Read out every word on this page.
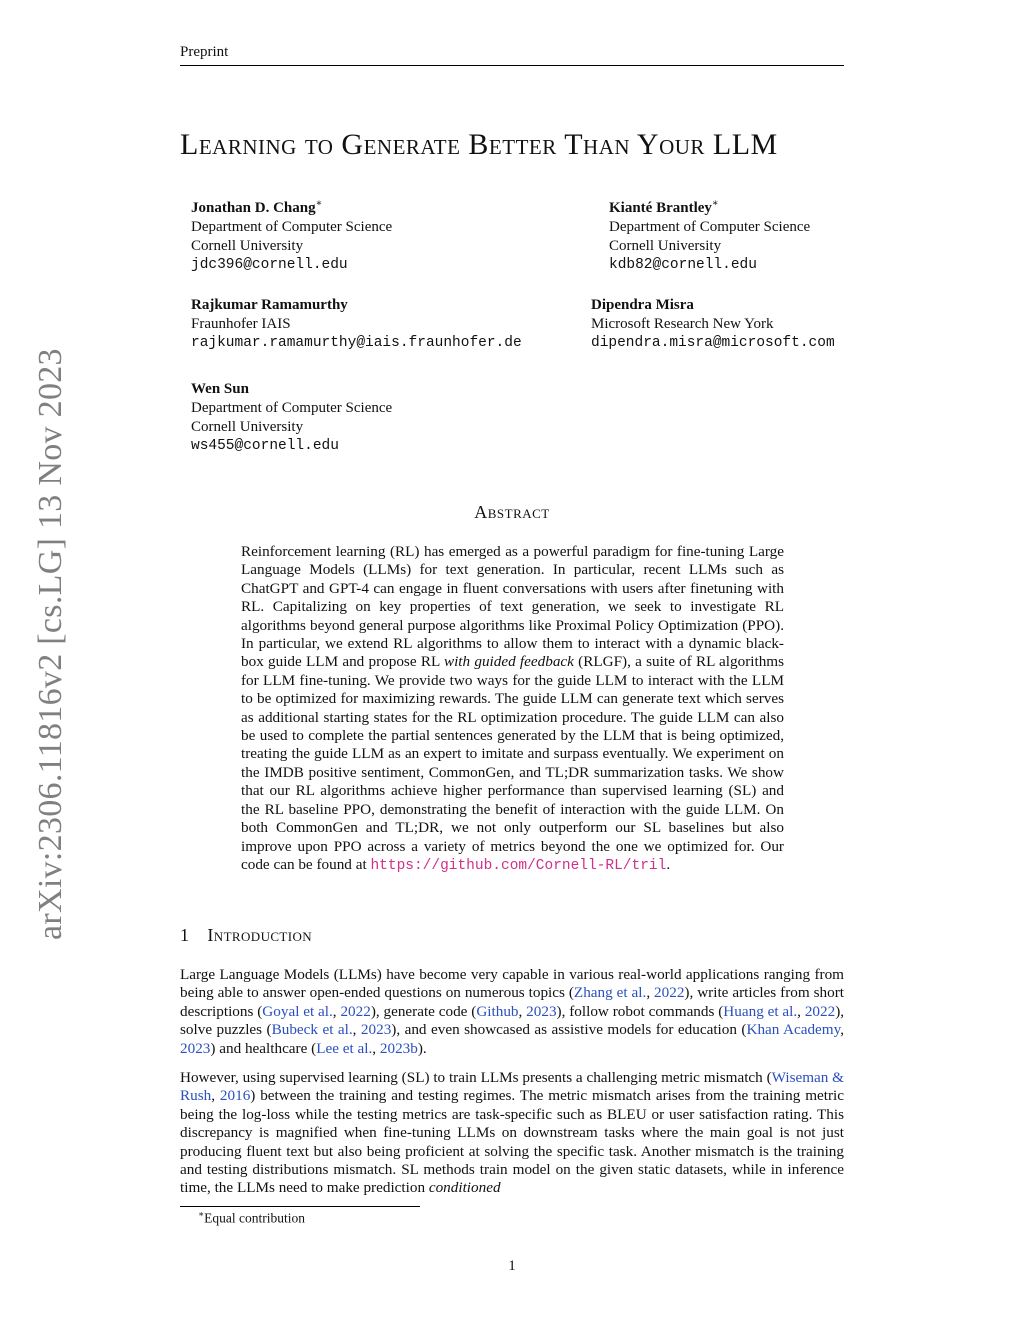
Preprint
arXiv:2306.11816v2 [cs.LG] 13 Nov 2023
Learning to Generate Better Than Your LLM
Jonathan D. Chang∗
Department of Computer Science
Cornell University
jdc396@cornell.edu
Kianté Brantley∗
Department of Computer Science
Cornell University
kdb82@cornell.edu
Rajkumar Ramamurthy
Fraunhofer IAIS
rajkumar.ramamurthy@iais.fraunhofer.de
Dipendra Misra
Microsoft Research New York
dipendra.misra@microsoft.com
Wen Sun
Department of Computer Science
Cornell University
ws455@cornell.edu
Abstract

Reinforcement learning (RL) has emerged as a powerful paradigm for fine-tuning Large Language Models (LLMs) for text generation. In particular, recent LLMs such as ChatGPT and GPT-4 can engage in fluent conversations with users after finetuning with RL. Capitalizing on key properties of text generation, we seek to investigate RL algorithms beyond general purpose algorithms like Proximal Policy Optimization (PPO). In particular, we extend RL algorithms to allow them to interact with a dynamic black-box guide LLM and propose RL with guided feedback (RLGF), a suite of RL algorithms for LLM fine-tuning. We provide two ways for the guide LLM to interact with the LLM to be optimized for maximizing rewards. The guide LLM can generate text which serves as additional starting states for the RL optimization procedure. The guide LLM can also be used to complete the partial sentences generated by the LLM that is being optimized, treating the guide LLM as an expert to imitate and surpass eventually. We experiment on the IMDB positive sentiment, CommonGen, and TL;DR summarization tasks. We show that our RL algorithms achieve higher performance than supervised learning (SL) and the RL baseline PPO, demonstrating the benefit of interaction with the guide LLM. On both CommonGen and TL;DR, we not only outperform our SL baselines but also improve upon PPO across a variety of metrics beyond the one we optimized for. Our code can be found at https://github.com/Cornell-RL/tril.

1 Introduction

Large Language Models (LLMs) have become very capable in various real-world applications ranging from being able to answer open-ended questions on numerous topics (Zhang et al., 2022), write articles from short descriptions (Goyal et al., 2022), generate code (Github, 2023), follow robot commands (Huang et al., 2022), solve puzzles (Bubeck et al., 2023), and even showcased as assistive models for education (Khan Academy, 2023) and healthcare (Lee et al., 2023b).

However, using supervised learning (SL) to train LLMs presents a challenging metric mismatch (Wiseman & Rush, 2016) between the training and testing regimes. The metric mismatch arises from the training metric being the log-loss while the testing metrics are task-specific such as BLEU or user satisfaction rating. This discrepancy is magnified when fine-tuning LLMs on downstream tasks where the main goal is not just producing fluent text but also being proficient at solving the specific task. Another mismatch is the training and testing distributions mismatch. SL methods train model on the given static datasets, while in inference time, the LLMs need to make prediction conditioned

∗Equal contribution
1
